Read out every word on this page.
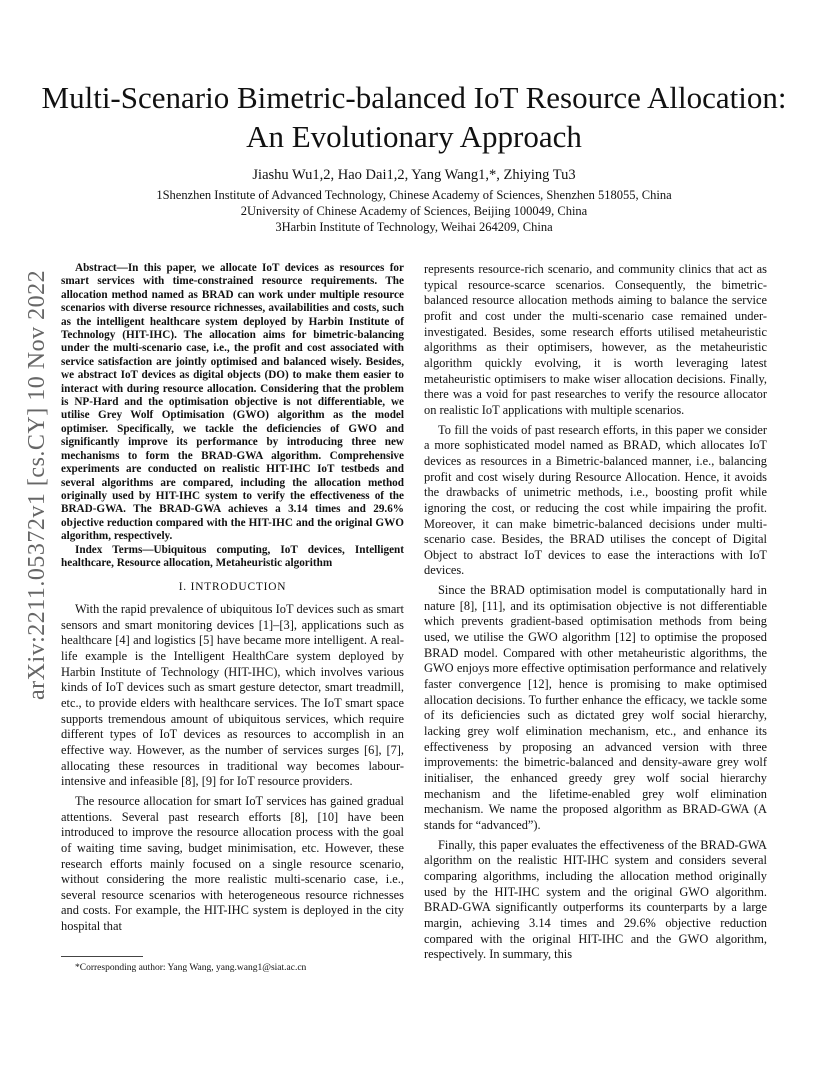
Multi-Scenario Bimetric-balanced IoT Resource Allocation: An Evolutionary Approach
Jiashu Wu1,2, Hao Dai1,2, Yang Wang1,*, Zhiying Tu3
1Shenzhen Institute of Advanced Technology, Chinese Academy of Sciences, Shenzhen 518055, China
2University of Chinese Academy of Sciences, Beijing 100049, China
3Harbin Institute of Technology, Weihai 264209, China
arXiv:2211.05372v1 [cs.CY] 10 Nov 2022

Abstract—In this paper, we allocate IoT devices as resources for smart services with time-constrained resource requirements. The allocation method named as BRAD can work under multiple resource scenarios with diverse resource richnesses, availabilities and costs, such as the intelligent healthcare system deployed by Harbin Institute of Technology (HIT-IHC). The allocation aims for bimetric-balancing under the multi-scenario case, i.e., the profit and cost associated with service satisfaction are jointly optimised and balanced wisely. Besides, we abstract IoT devices as digital objects (DO) to make them easier to interact with during resource allocation. Considering that the problem is NP-Hard and the optimisation objective is not differentiable, we utilise Grey Wolf Optimisation (GWO) algorithm as the model optimiser. Specifically, we tackle the deficiencies of GWO and significantly improve its performance by introducing three new mechanisms to form the BRAD-GWA algorithm. Comprehensive experiments are conducted on realistic HIT-IHC IoT testbeds and several algorithms are compared, including the allocation method originally used by HIT-IHC system to verify the effectiveness of the BRAD-GWA. The BRAD-GWA achieves a 3.14 times and 29.6% objective reduction compared with the HIT-IHC and the original GWO algorithm, respectively.

Index Terms—Ubiquitous computing, IoT devices, Intelligent healthcare, Resource allocation, Metaheuristic algorithm

I. INTRODUCTION

With the rapid prevalence of ubiquitous IoT devices such as smart sensors and smart monitoring devices [1]–[3], applications such as healthcare [4] and logistics [5] have became more intelligent. A real-life example is the Intelligent HealthCare system deployed by Harbin Institute of Technology (HIT-IHC), which involves various kinds of IoT devices such as smart gesture detector, smart treadmill, etc., to provide elders with healthcare services. The IoT smart space supports tremendous amount of ubiquitous services, which require different types of IoT devices as resources to accomplish in an effective way. However, as the number of services surges [6], [7], allocating these resources in traditional way becomes labour-intensive and infeasible [8], [9] for IoT resource providers.

The resource allocation for smart IoT services has gained gradual attentions. Several past research efforts [8], [10] have been introduced to improve the resource allocation process with the goal of waiting time saving, budget minimisation, etc. However, these research efforts mainly focused on a single resource scenario, without considering the more realistic multi-scenario case, i.e., several resource scenarios with heterogeneous resource richnesses and costs. For example, the HIT-IHC system is deployed in the city hospital that

represents resource-rich scenario, and community clinics that act as typical resource-scarce scenarios. Consequently, the bimetric-balanced resource allocation methods aiming to balance the service profit and cost under the multi-scenario case remained under-investigated. Besides, some research efforts utilised metaheuristic algorithms as their optimisers, however, as the metaheuristic algorithm quickly evolving, it is worth leveraging latest metaheuristic optimisers to make wiser allocation decisions. Finally, there was a void for past researches to verify the resource allocator on realistic IoT applications with multiple scenarios.

To fill the voids of past research efforts, in this paper we consider a more sophisticated model named as BRAD, which allocates IoT devices as resources in a Bimetric-balanced manner, i.e., balancing profit and cost wisely during Resource Allocation. Hence, it avoids the drawbacks of unimetric methods, i.e., boosting profit while ignoring the cost, or reducing the cost while impairing the profit. Moreover, it can make bimetric-balanced decisions under multi-scenario case. Besides, the BRAD utilises the concept of Digital Object to abstract IoT devices to ease the interactions with IoT devices.

Since the BRAD optimisation model is computationally hard in nature [8], [11], and its optimisation objective is not differentiable which prevents gradient-based optimisation methods from being used, we utilise the GWO algorithm [12] to optimise the proposed BRAD model. Compared with other metaheuristic algorithms, the GWO enjoys more effective optimisation performance and relatively faster convergence [12], hence is promising to make optimised allocation decisions. To further enhance the efficacy, we tackle some of its deficiencies such as dictated grey wolf social hierarchy, lacking grey wolf elimination mechanism, etc., and enhance its effectiveness by proposing an advanced version with three improvements: the bimetric-balanced and density-aware grey wolf initialiser, the enhanced greedy grey wolf social hierarchy mechanism and the lifetime-enabled grey wolf elimination mechanism. We name the proposed algorithm as BRAD-GWA (A stands for “advanced”).

Finally, this paper evaluates the effectiveness of the BRAD-GWA algorithm on the realistic HIT-IHC system and considers several comparing algorithms, including the allocation method originally used by the HIT-IHC system and the original GWO algorithm. BRAD-GWA significantly outperforms its counterparts by a large margin, achieving 3.14 times and 29.6% objective reduction compared with the original HIT-IHC and the GWO algorithm, respectively. In summary, this

*Corresponding author: Yang Wang, yang.wang1@siat.ac.cn
